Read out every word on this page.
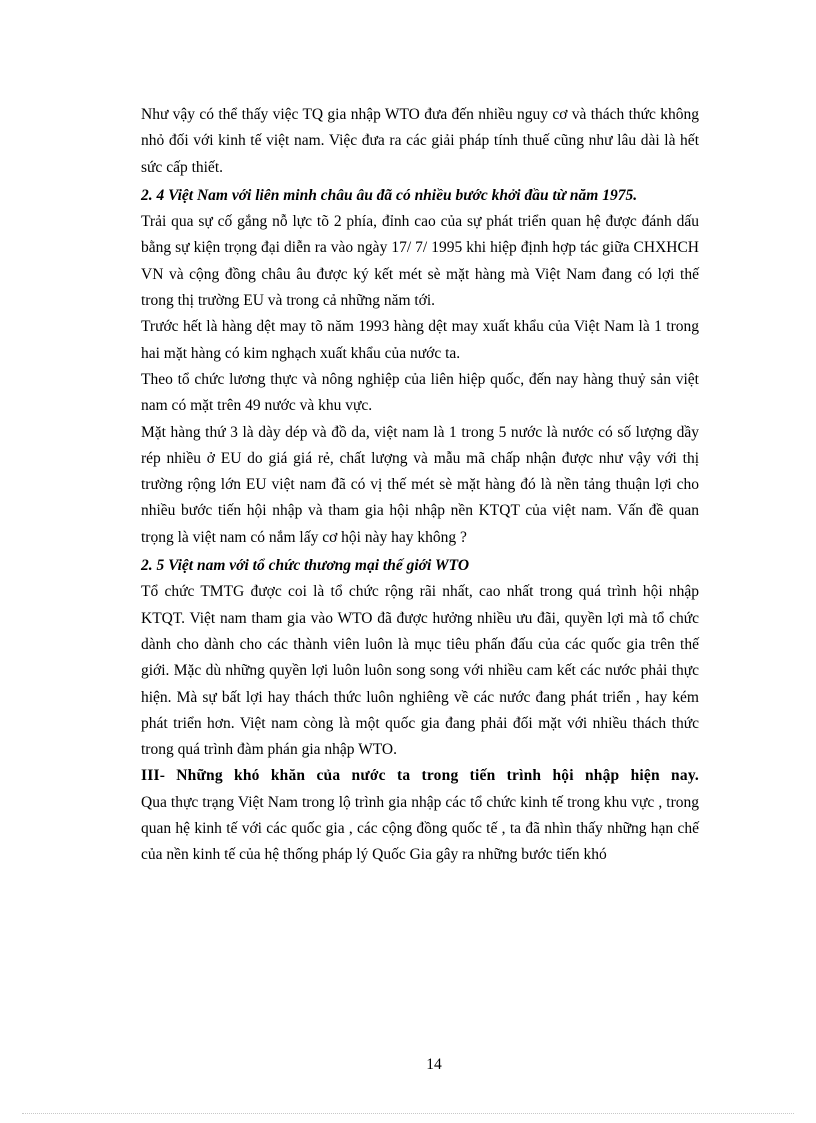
Như vậy có thể thấy việc TQ gia nhập WTO đưa đến nhiều nguy cơ và thách thức không nhỏ đối với kinh tế việt nam. Việc đưa ra các giải pháp tính thuế cũng như lâu dài là hết sức cấp thiết.

2. 4 Việt Nam với liên minh châu âu đã có nhiều bước khởi đầu từ năm 1975.

Trải qua sự cố gắng nỗ lực tõ 2 phía, đỉnh cao của sự phát triển quan hệ được đánh dấu bằng sự kiện trọng đại diễn ra vào ngày 17/ 7/ 1995 khi hiệp định hợp tác giữa CHXHCH VN và cộng đồng châu âu được ký kết mét sè mặt hàng mà Việt Nam đang có lợi thế trong thị trường EU và trong cả những năm tới.

Trước hết là hàng dệt may tõ năm 1993 hàng dệt may xuất khẩu của Việt Nam là 1 trong hai mặt hàng có kim nghạch xuất khẩu của nước ta.

Theo tổ chức lương thực và nông nghiệp của liên hiệp quốc, đến nay hàng thuỷ sản việt nam có mặt trên 49 nước và khu vực.

Mặt hàng thứ 3 là dày dép và đồ da, việt nam là 1 trong 5 nước là nước có số lượng dầy rép nhiều ở EU do giá giá rẻ, chất lượng và mẫu mã chấp nhận được như vậy với thị trường rộng lớn EU việt nam đã có vị thế mét sè mặt hàng đó là nền tảng thuận lợi cho nhiều bước tiến hội nhập và tham gia hội nhập nền KTQT của việt nam. Vấn đề quan trọng là việt nam có nắm lấy cơ hội này hay không ?

2. 5 Việt nam với tổ chức thương mại thế giới WTO

Tổ chức TMTG được coi là tổ chức rộng rãi nhất, cao nhất trong quá trình hội nhập KTQT. Việt nam tham gia vào WTO đã được hưởng nhiều ưu đãi, quyền lợi mà tổ chức dành cho dành cho các thành viên luôn là mục tiêu phấn đấu của các quốc gia trên thế giới. Mặc dù những quyền lợi luôn luôn song song với nhiều cam kết các nước phải thực hiện. Mà sự bất lợi hay thách thức luôn nghiêng về các nước đang phát triển , hay kém phát triển hơn. Việt nam còng là một quốc gia đang phải đối mặt với nhiều thách thức trong quá trình đàm phán gia nhập WTO.

III- Những khó khăn của nước ta trong tiến trình hội nhập hiện nay.

Qua thực trạng Việt Nam trong lộ trình gia nhập các tổ chức kinh tế trong khu vực , trong quan hệ kinh tế với các quốc gia , các cộng đồng quốc tế , ta đã nhìn thấy những hạn chế của nền kinh tế của hệ thống pháp lý Quốc Gia gây ra những bước tiến khó

14
